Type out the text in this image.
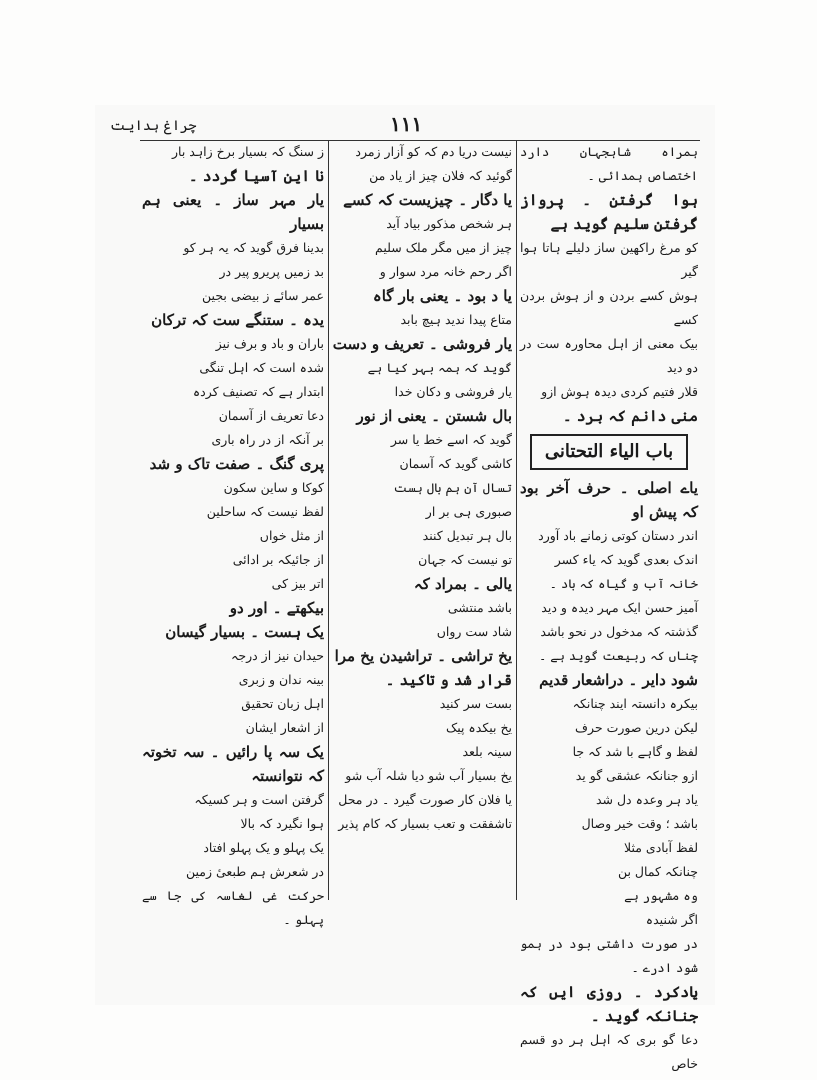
چراغ ہدایت	۱۱۱
ہمراہ شاہجہان دارد اختصاص ہمدائی ۔
ہوا گرفتن ۔ پرواز گرفتن سلیم گوید ہے
کو مرغ راکھین ساز دلیلے ہاتا ہوا گیر
ہوش کسے بردن و از ہوش بردن کسے
بیک معنی از اہل محاورہ ست در دو دید
قلار فتیم کردی دیدہ ہوش ازو
منی دانم کہ برد ۔
باب الیاء التحتانی
یاے اصلی ۔ حرف آخر بود کہ پیش او
اندر دستان کوتی زمانے باد آورد
اندک بعدی گوید کہ یاء کسر
خانہ آب و گیاہ کہ باد ۔
آمیز حسن ایک مہر دیدہ و دید
گذشتہ کہ مدخول در نحو باشد
چناں کہ ربیعت گوید ہے ۔
شود دایر ۔ دراشعار قدیم
بیکرہ دانستہ ایند چنانکہ
لیکن درین صورت حرف
لفظ و گاہے با شد کہ جا
ازو جنانکہ عشقی گو ید
یاد ہر وعدہ دل شد
باشد ؛ وقت خیر وصال
لفظ آبادی مثلا
چنانکہ کمال بن
وہ مشہور ہے
اگر شنیدہ
در صورت داشتی بود در ہمو شود ادرے ۔
یادکرد ۔ روزی ایں کہ جنانکہ گوید ۔
دعا گو بری کہ اہل ہر دو قسم خاص
نیست دریا دم کہ کو آزار زمرد
گوئید کہ فلان چیز از یاد من
یا دگار ۔ چیزیست کہ کسے
ہر شخص مذکور بیاد آید
چیز از میں مگر ملک سلیم
اگر رحم خانہ مرد سوار و
یا د بود ۔ یعنی بار گاہ
متاع پیدا ندید ہیچ بابد
یار فروشی ۔ تعریف و دست
گوید کہ ہمہ بہر کیا ہے
یار فروشی و دکان خدا
بال شستن ۔ یعنی از نور
گوید کہ اسے خط یا سر
کاشی گوید کہ آسمان
تسال آن ہم بال ہست
صبوری ہی بر ار
بال ہر تبدیل کنند
تو نیست کہ جہان
یالی ۔ بمراد کہ
باشد منتشی
شاد ست رواں
یخ تراشی ۔ تراشیدن یخ مرا
قرار شد و تاکید ۔
بست سر کنید
یخ بیکدہ پیک
سینہ بلعد
یخ بسیار آب شو دیا شلہ آب شو
یا فلان کار صورت گیرد ۔ در محل
تاشفقت و تعب بسیار کہ کام پذیر
ز سنگ کہ بسیار برخ زاہد بار
نا این آسیا گردد ۔
یار مہر ساز ۔ یعنی ہم بسیار
بدینا فرق گوید کہ یہ ہر کو
بد زمیں پریرو پیر در
عمر سائے ز بیضی بجین
یدہ ۔ ستنگے ست کہ ترکان
باران و باد و برف نیز
شدہ است کہ اہل تنگی
ابتدار ہے کہ تصنیف کردہ
دعا تعریف از آسمان
بر آنکہ از در راہ باری
پری گنگ ۔ صفت تاک و شد
کوکا و ساین سکون
لفظ نیست کہ ساحلین
از مثل خواں
از جائیکہ بر ادائی
اتر بیز کی
بیکھتے ۔ اور دو
یک ہست ۔ بسیار گیسان
حیدان نیز از درجہ
بینہ ندان و زبری
اہل زبان تحقیق
از اشعار ایشان
یک سہ پا رائیں ۔ سہ تخوتہ کہ نتوانستہ
گرفتن است و ہر کسیکہ
ہوا نگیرد کہ بالا
یک پہلو و یک پہلو افتاد
در شعرش ہم طبعیٔ زمین
حرکت غی لغاسہ کی جا سے پہلو ۔
